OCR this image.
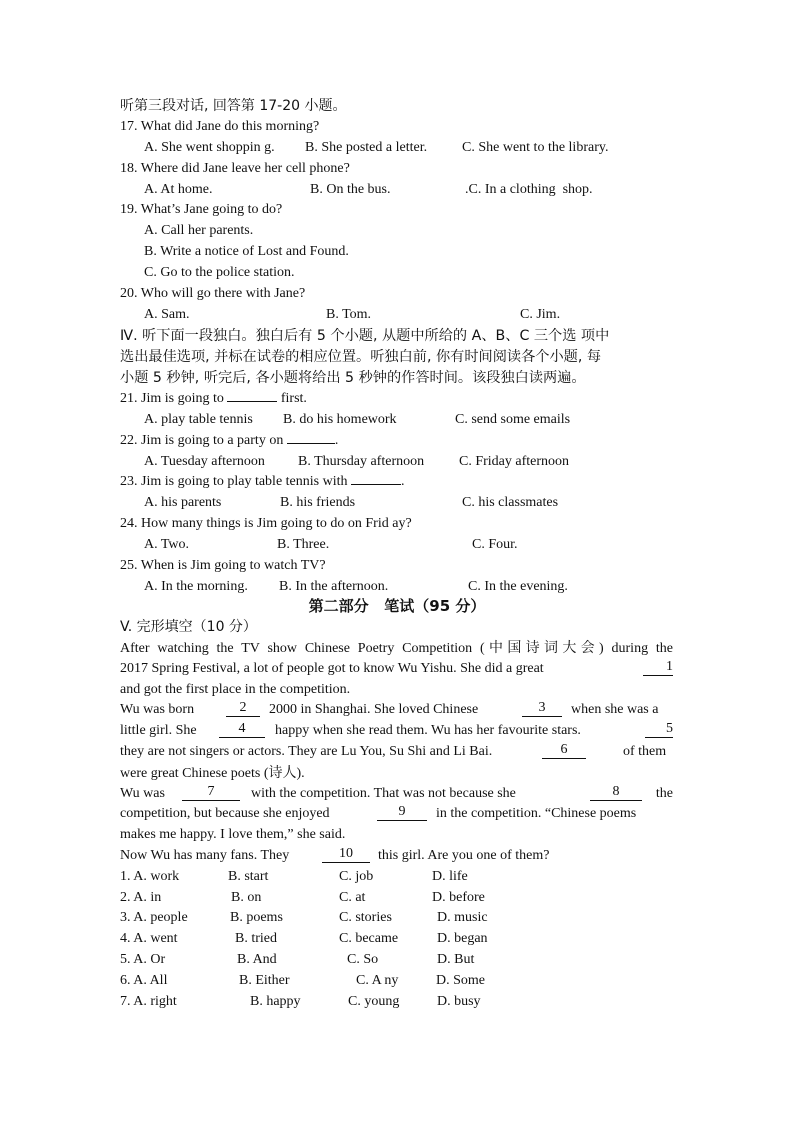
听第三段对话, 回答第 17-20 小题。
17. What did Jane do this morning?
A. She went shoppin g. B. She posted a letter. C. She went to the library.
18. Where did Jane leave her cell phone?
A. At home.	B. On the bus.	.C. In a clothing  shop.
19. What’s Jane going to do?
A. Call her parents.
B. Write a notice of Lost and Found.
C. Go to the police station.
20. Who will go there with Jane?
A. Sam.	B. Tom.	C. Jim.
Ⅳ. 听下面一段独白。独白后有 5 个小题, 从题中所给的 A、B、C 三个选 项中
选出最佳选项, 并标在试卷的相应位置。听独白前, 你有时间阅读各个小题, 每
小题 5 秒钟, 听完后, 各小题将给出 5 秒钟的作答时间。该段独白读两遍。
21. Jim is going to	first.
A. play table tennis B. do his homework	C. send some emails
22. Jim is going to a party on	.
A. Tuesday afternoon B. Thursday afternoon C. Friday afternoon
23. Jim is going to play table tennis with	.
A. his parents	B. his friends	C. his classmates
24. How many things is Jim going to do on Frid ay?
A. Two.	B. Three.	C. Four.
25. When is Jim going to watch TV?
A. In the morning. B. In the afternoon.	C. In the evening.
第二部分   笔试（95 分）
V. 完形填空（10 分）
After watching the TV show Chinese Poetry Competition (中国诗词大会) during the
2017 Spring Festival, a lot of people got to know Wu Yishu. She did a great	1
and got the first place in the competition.
Wu was born	2	2000 in Shanghai. She loved Chinese	3	when she was a
little girl. She	4	happy when she read them. Wu has her favourite stars.	5
they are not singers or actors. They are Lu You, Su Shi and Li Bai.	6	of them
were great Chinese poets (诗人).
Wu was	7	with the competition. That was not because she	8	the
competition, but because she enjoyed	9	in the competition. “Chinese poems
makes me happy. I love them,” she said.
Now Wu has many fans. They	10	this girl. Are you one of them?
1. A. work	B. start	C. job	D. life
2. A. in	B. on	C. at	D. before
3. A. people	B. poems	C. stories	D. music
4. A. went	B. tried	C. became	D. began
5. A. Or	B. And	C. So	D. But
6. A. All	B. Either	C. A ny	D. Some
7. A. right	B. happy	C. young	D. busy
